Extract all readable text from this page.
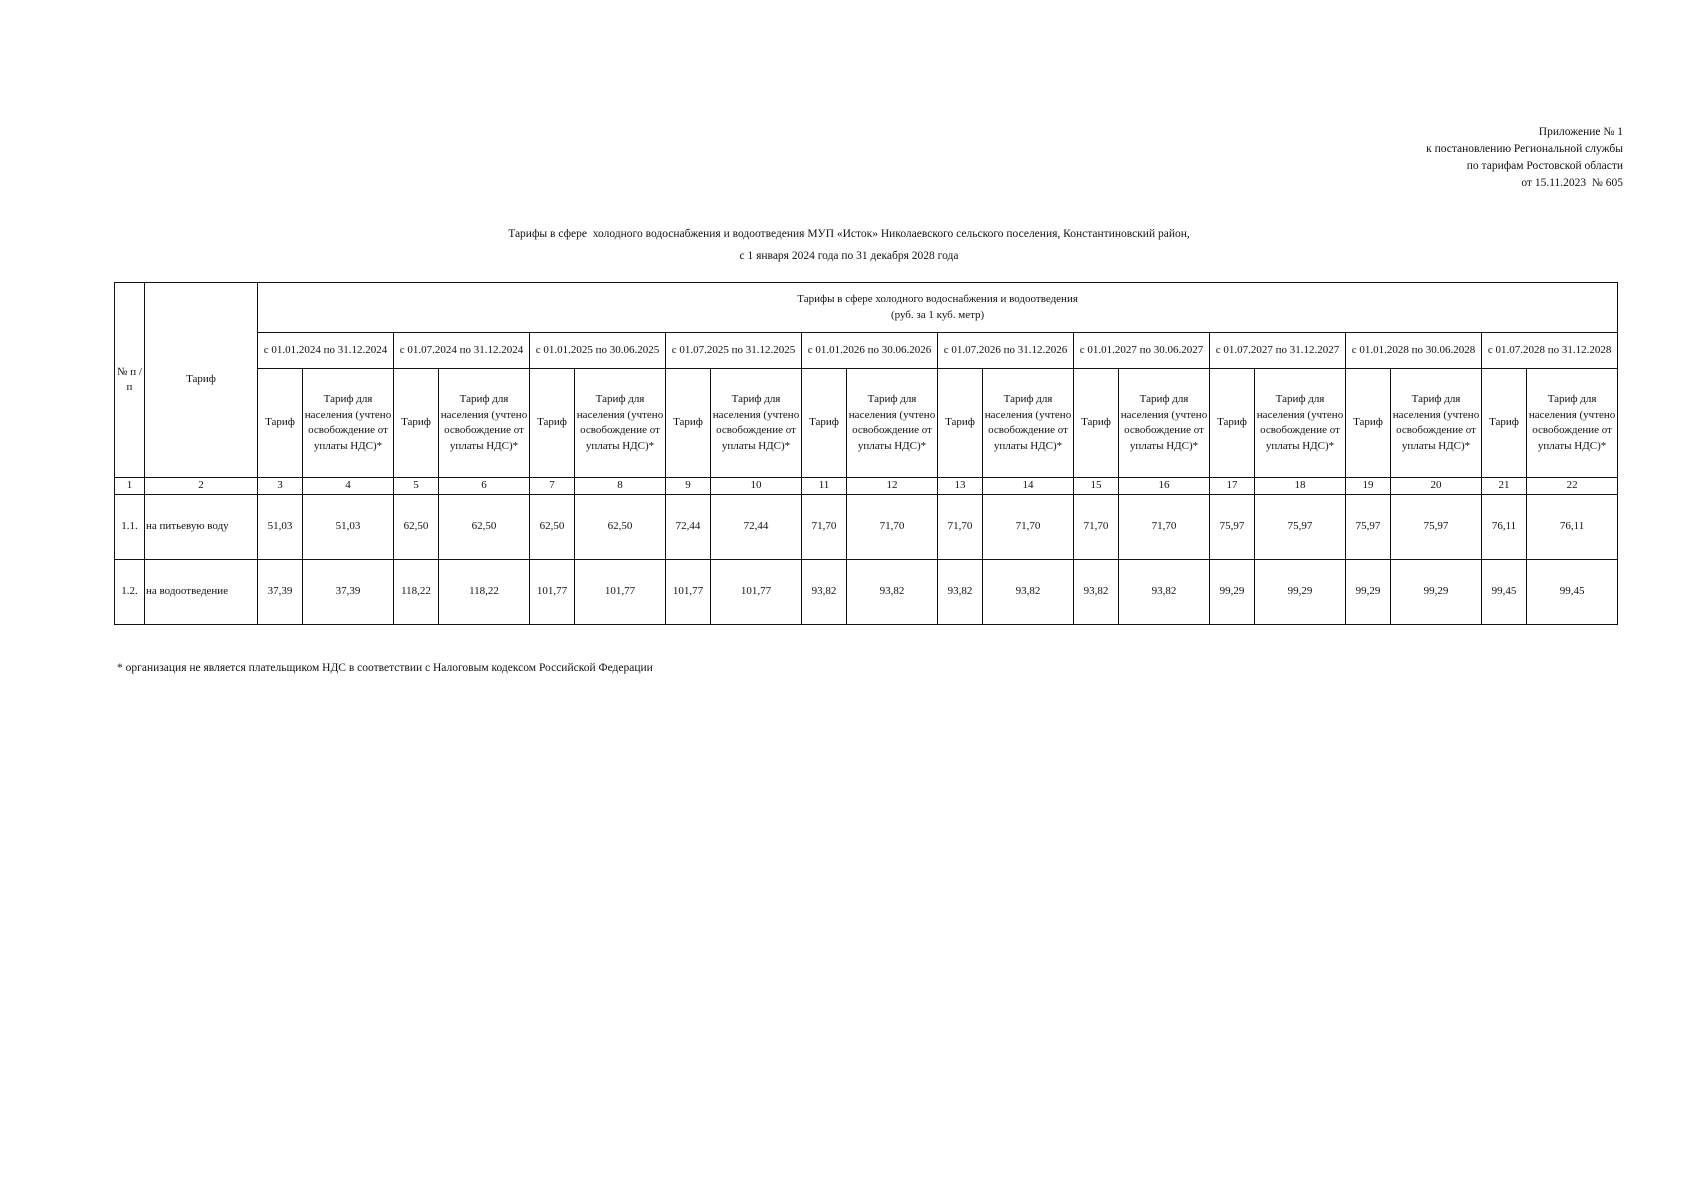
Приложение № 1
к постановлению Региональной службы
по тарифам Ростовской области
от 15.11.2023  № 605
Тарифы в сфере  холодного водоснабжения и водоотведения МУП «Исток» Николаевского сельского поселения, Константиновский район,
с 1 января 2024 года по 31 декабря 2028 года
№ п /п	Тариф	Тарифы в сфере холодного водоснабжения и водоотведения
(руб. за 1 куб. метр)																			

		с 01.01.2024 по 31.12.2024		с 01.07.2024 по 31.12.2024		с 01.01.2025 по 30.06.2025		с 01.07.2025 по 31.12.2025		с 01.01.2026 по 30.06.2026		с 01.07.2026 по 31.12.2026		с 01.01.2027 по 30.06.2027		с 01.07.2027 по 31.12.2027		с 01.01.2028 по 30.06.2028		с 01.07.2028 по 31.12.2028	
		Тариф	Тариф для населения (учтено освобождение от уплаты НДС)*	Тариф	Тариф для населения (учтено освобождение от уплаты НДС)*	Тариф	Тариф для населения (учтено освобождение от уплаты НДС)*	Тариф	Тариф для населения (учтено освобождение от уплаты НДС)*	Тариф	Тариф для населения (учтено освобождение от уплаты НДС)*	Тариф	Тариф для населения (учтено освобождение от уплаты НДС)*	Тариф	Тариф для населения (учтено освобождение от уплаты НДС)*	Тариф	Тариф для населения (учтено освобождение от уплаты НДС)*	Тариф	Тариф для населения (учтено освобождение от уплаты НДС)*	Тариф	Тариф для населения (учтено освобождение от уплаты НДС)*
1	2	3	4	5	6	7	8	9	10	11	12	13	14	15	16	17	18	19	20	21	22
1.1.	на питьевую воду	51,03	51,03	62,50	62,50	62,50	62,50	72,44	72,44	71,70	71,70	71,70	71,70	71,70	71,70	75,97	75,97	75,97	75,97	76,11	76,11
1.2.	на водоотведение	37,39	37,39	118,22	118,22	101,77	101,77	101,77	101,77	93,82	93,82	93,82	93,82	93,82	93,82	99,29	99,29	99,29	99,29	99,45	99,45
* организация не является плательщиком НДС в соответствии с Налоговым кодексом Российской Федерации
